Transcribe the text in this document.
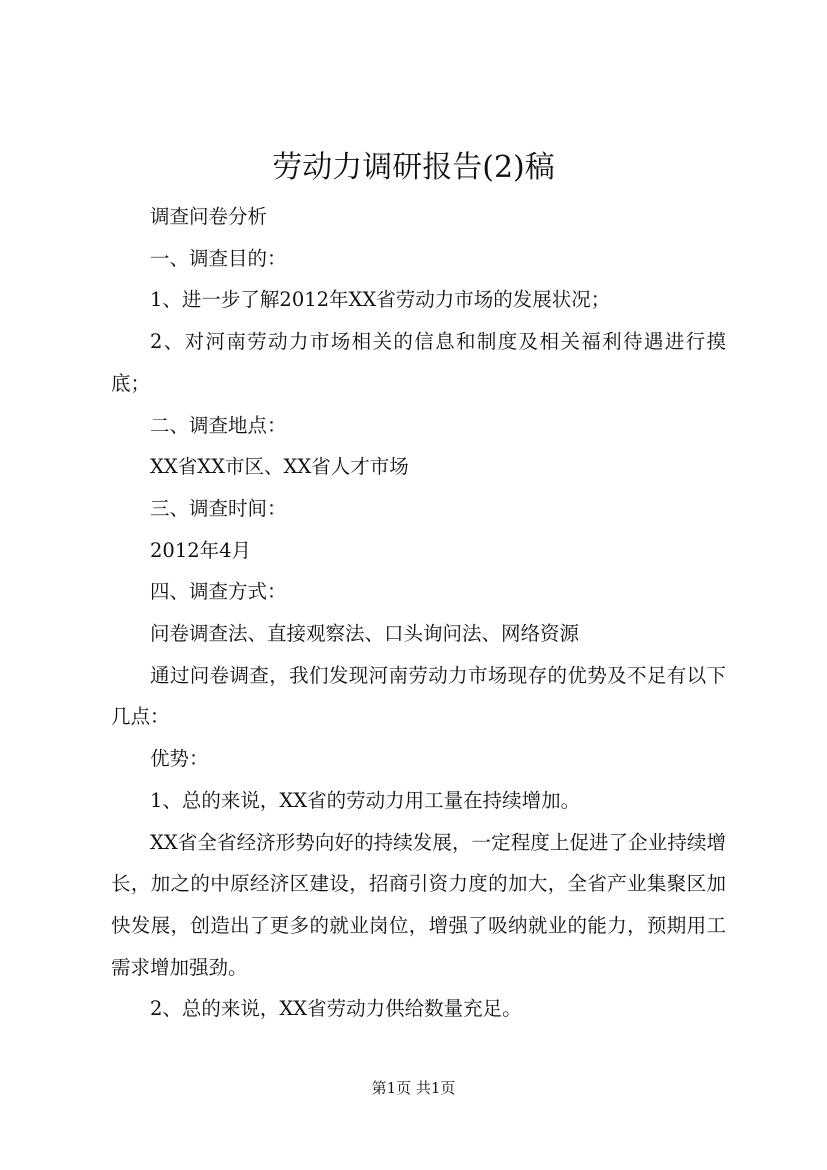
劳动力调研报告(2)稿

调查问卷分析

一、调查目的：

1、进一步了解2012年XX省劳动力市场的发展状况；

2、对河南劳动力市场相关的信息和制度及相关福利待遇进行摸底；

二、调查地点：

XX省XX市区、XX省人才市场

三、调查时间：

2012年4月

四、调查方式：

问卷调查法、直接观察法、口头询问法、网络资源

通过问卷调查，我们发现河南劳动力市场现存的优势及不足有以下几点：

优势：

1、总的来说，XX省的劳动力用工量在持续增加。

XX省全省经济形势向好的持续发展，一定程度上促进了企业持续增长，加之的中原经济区建设，招商引资力度的加大，全省产业集聚区加快发展，创造出了更多的就业岗位，增强了吸纳就业的能力，预期用工需求增加强劲。

2、总的来说，XX省劳动力供给数量充足。

第1页 共1页
